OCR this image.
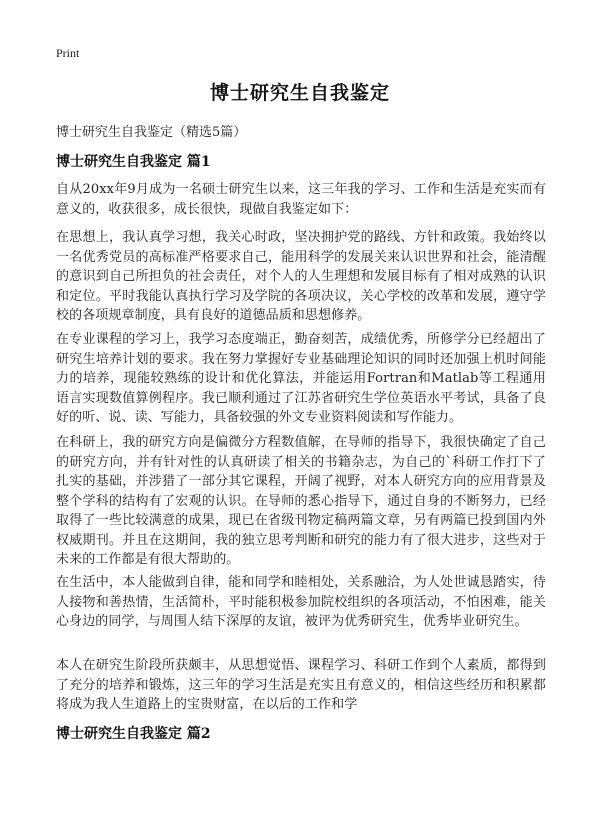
Print
博士研究生自我鉴定
博士研究生自我鉴定（精选5篇）
博士研究生自我鉴定 篇1

自从20xx年9月成为一名硕士研究生以来，这三年我的学习、工作和生活是充实而有意义的，收获很多，成长很快，现做自我鉴定如下：

在思想上，我认真学习想，我关心时政，坚决拥护党的路线、方针和政策。我始终以一名优秀党员的高标准严格要求自己，能用科学的发展关来认识世界和社会，能清醒的意识到自己所担负的社会责任，对个人的人生理想和发展目标有了相对成熟的认识和定位。平时我能认真执行学习及学院的各项决议，关心学校的改革和发展，遵守学校的各项规章制度，具有良好的道德品质和思想修养。

在专业课程的学习上，我学习态度端正，勤奋刻苦，成绩优秀，所修学分已经超出了研究生培养计划的要求。我在努力掌握好专业基础理论知识的同时还加强上机时间能力的培养，现能较熟练的设计和优化算法，并能运用Fortran和Matlab等工程通用语言实现数值算例程序。我已顺利通过了江苏省研究生学位英语水平考试，具备了良好的听、说、读、写能力，具备较强的外文专业资料阅读和写作能力。

在科研上，我的研究方向是偏微分方程数值解，在导师的指导下，我很快确定了自己的研究方向，并有针对性的认真研读了相关的书籍杂志，为自己的`科研工作打下了扎实的基础，并涉猎了一部分其它课程，开阔了视野，对本人研究方向的应用背景及整个学科的结构有了宏观的认识。在导师的悉心指导下，通过自身的不断努力，已经取得了一些比较满意的成果，现已在省级刊物定稿两篇文章，另有两篇已投到国内外权威期刊。并且在这期间，我的独立思考判断和研究的能力有了很大进步，这些对于未来的工作都是有很大帮助的。

在生活中，本人能做到自律，能和同学和睦相处，关系融洽，为人处世诚恳踏实，待人接物和善热情，生活简朴，平时能积极参加院校组织的各项活动，不怕困难，能关心身边的同学，与周围人结下深厚的友谊，被评为优秀研究生，优秀毕业研究生。

本人在研究生阶段所获颇丰，从思想觉悟、课程学习、科研工作到个人素质，都得到了充分的培养和锻炼，这三年的学习生活是充实且有意义的，相信这些经历和积累都将成为我人生道路上的宝贵财富，在以后的工作和学

博士研究生自我鉴定 篇2
